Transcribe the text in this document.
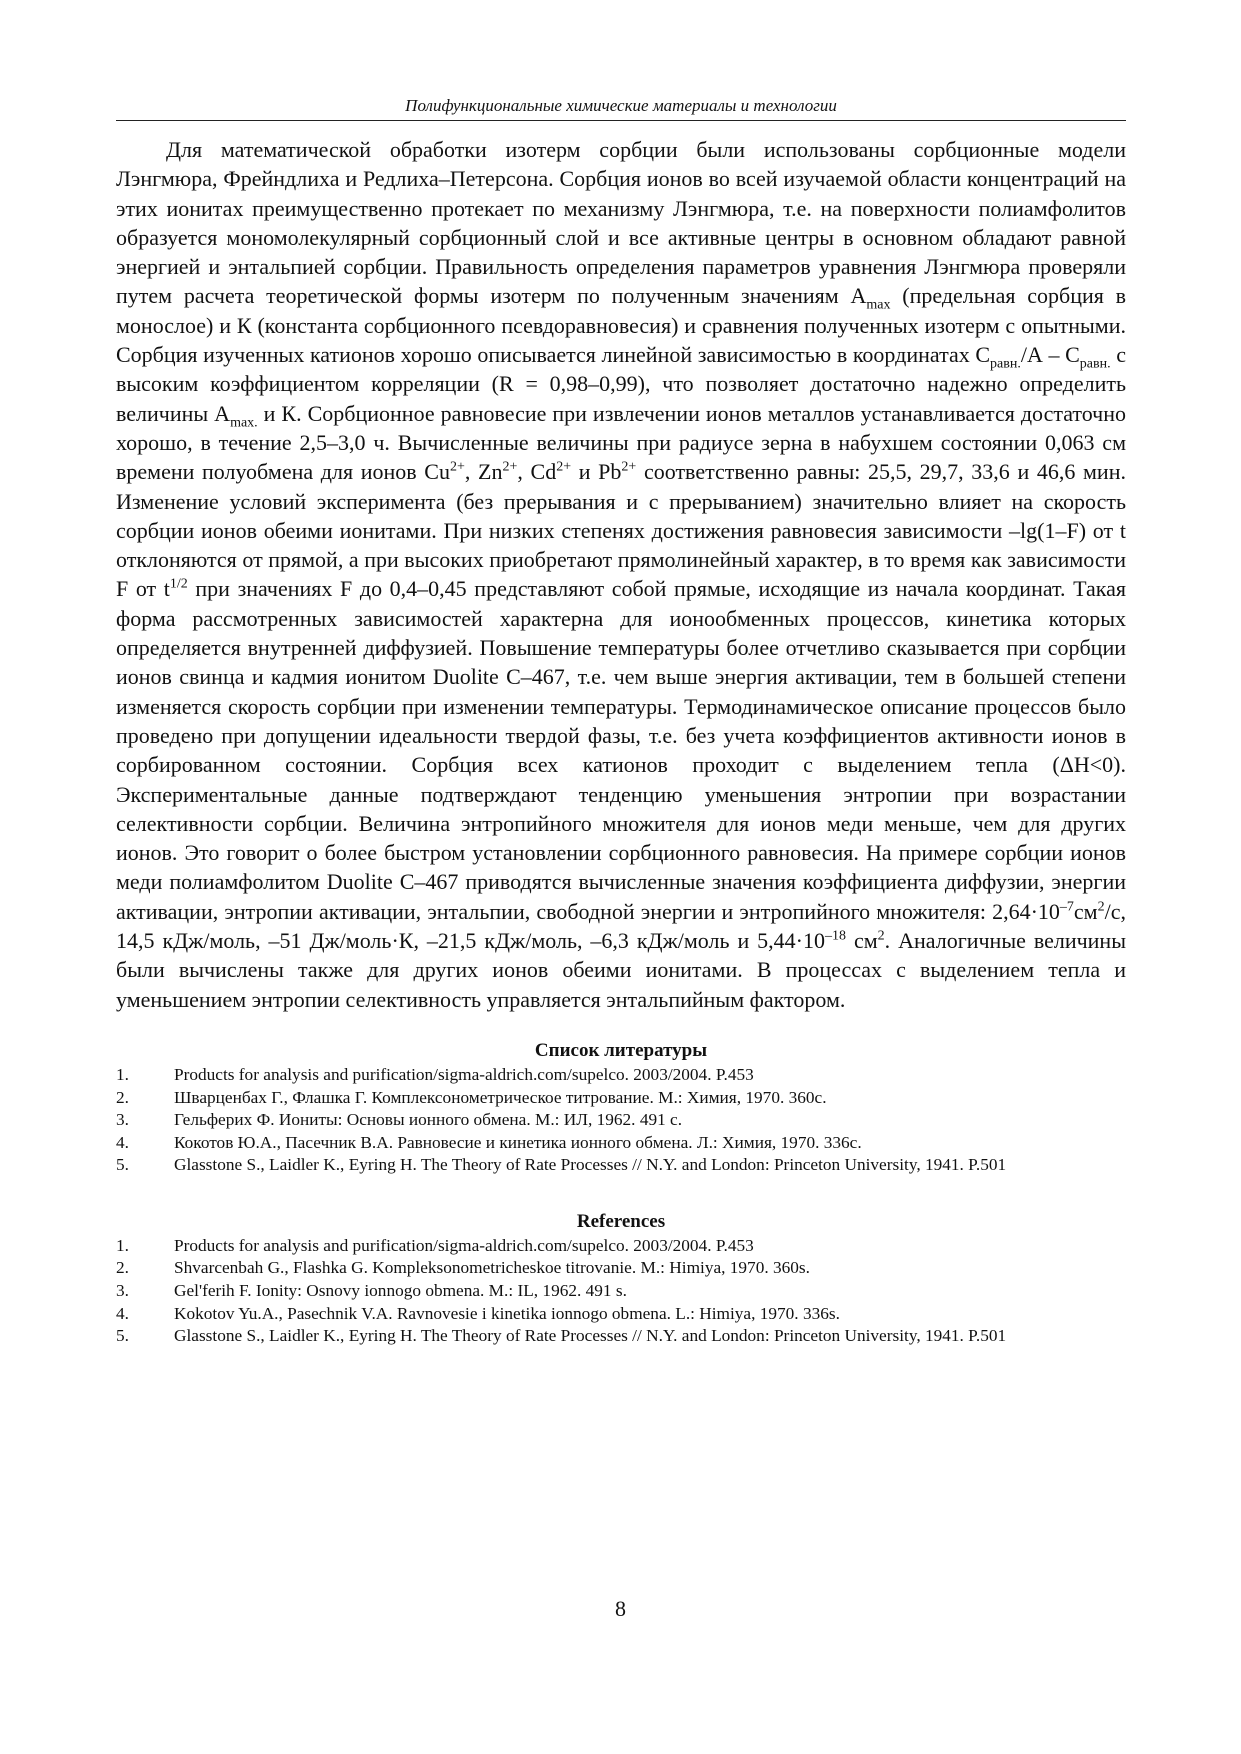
Полифункциональные химические материалы и технологии

Для математической обработки изотерм сорбции были использованы сорбционные модели Лэнгмюра, Фрейндлиха и Редлиха–Петерсона. Сорбция ионов во всей изучаемой области концентраций на этих ионитах преимущественно протекает по механизму Лэнгмюра, т.е. на поверхности полиамфолитов образуется мономолекулярный сорбционный слой и все активные центры в основном обладают равной энергией и энтальпией сорбции. Правильность определения параметров уравнения Лэнгмюра проверяли путем расчета теоретической формы изотерм по полученным значениям $A_{max}$ (предельная сорбция в монослое) и К (константа сорбционного псевдоравновесия) и сравнения полученных изотерм с опытными. Сорбция изученных катионов хорошо описывается линейной зависимостью в координатах $С_{равн.}/А - С_{равн.}$ с высоким коэффициентом корреляции (R = 0,98–0,99), что позволяет достаточно надежно определить величины $A_{max.}$ и К. Сорбционное равновесие при извлечении ионов металлов устанавливается достаточно хорошо, в течение 2,5–3,0 ч. Вычисленные величины при радиусе зерна в набухшем состоянии 0,063 см времени полуобмена для ионов $Cu^{2+}$, $Zn^{2+}$, $Cd^{2+}$ и $Pb^{2+}$ соответственно равны: 25,5, 29,7, 33,6 и 46,6 мин. Изменение условий эксперимента (без прерывания и с прерыванием) значительно влияет на скорость сорбции ионов обеими ионитами. При низких степенях достижения равновесия зависимости –lg(1–F) от t отклоняются от прямой, а при высоких приобретают прямолинейный характер, в то время как зависимости F от $t^{1/2}$ при значениях F до 0,4–0,45 представляют собой прямые, исходящие из начала координат. Такая форма рассмотренных зависимостей характерна для ионообменных процессов, кинетика которых определяется внутренней диффузией. Повышение температуры более отчетливо сказывается при сорбции ионов свинца и кадмия ионитом Duolite C–467, т.е. чем выше энергия активации, тем в большей степени изменяется скорость сорбции при изменении температуры. Термодинамическое описание процессов было проведено при допущении идеальности твердой фазы, т.е. без учета коэффициентов активности ионов в сорбированном состоянии. Сорбция всех катионов проходит с выделением тепла (ΔH<0). Экспериментальные данные подтверждают тенденцию уменьшения энтропии при возрастании селективности сорбции. Величина энтропийного множителя для ионов меди меньше, чем для других ионов. Это говорит о более быстром установлении сорбционного равновесия. На примере сорбции ионов меди полиамфолитом Duolite C–467 приводятся вычисленные значения коэффициента диффузии, энергии активации, энтропии активации, энтальпии, свободной энергии и энтропийного множителя: $2,64\cdot 10^{-7}см^2/с$, 14,5 кДж/моль, –51 Дж/моль·К, –21,5 кДж/моль, –6,3 кДж/моль и $5,44\cdot 10^{-18}$ $см^2$. Аналогичные величины были вычислены также для других ионов обеими ионитами. В процессах с выделением тепла и уменьшением энтропии селективность управляется энтальпийным фактором.

Список литературы
1.	Products for analysis and purification/sigma-aldrich.com/supelco. 2003/2004. P.453
2.	Шварценбах Г., Флашка Г. Комплексонометрическое титрование. М.: Химия, 1970. 360с.
3.	Гельферих Ф. Иониты: Основы ионного обмена. М.: ИЛ, 1962. 491 с.
4.	Кокотов Ю.А., Пасечник В.А. Равновесие и кинетика ионного обмена. Л.: Химия, 1970. 336с.
5.	Glasstone S., Laidler K., Eyring H. The Theory of Rate Processes // N.Y. and London: Princeton University, 1941. P.501
References
1.	Products for analysis and purification/sigma-aldrich.com/supelco. 2003/2004. P.453
2.	Shvarcenbah G., Flashka G. Kompleksonometricheskoe titrovanie. M.: Himiya, 1970. 360s.
3.	Gel'ferih F. Ionity: Osnovy ionnogo obmena. M.: IL, 1962. 491 s.
4.	Kokotov Yu.A., Pasechnik V.A. Ravnovesie i kinetika ionnogo obmena. L.: Himiya, 1970. 336s.
5.	Glasstone S., Laidler K., Eyring H. The Theory of Rate Processes // N.Y. and London: Princeton University, 1941. P.501
8
